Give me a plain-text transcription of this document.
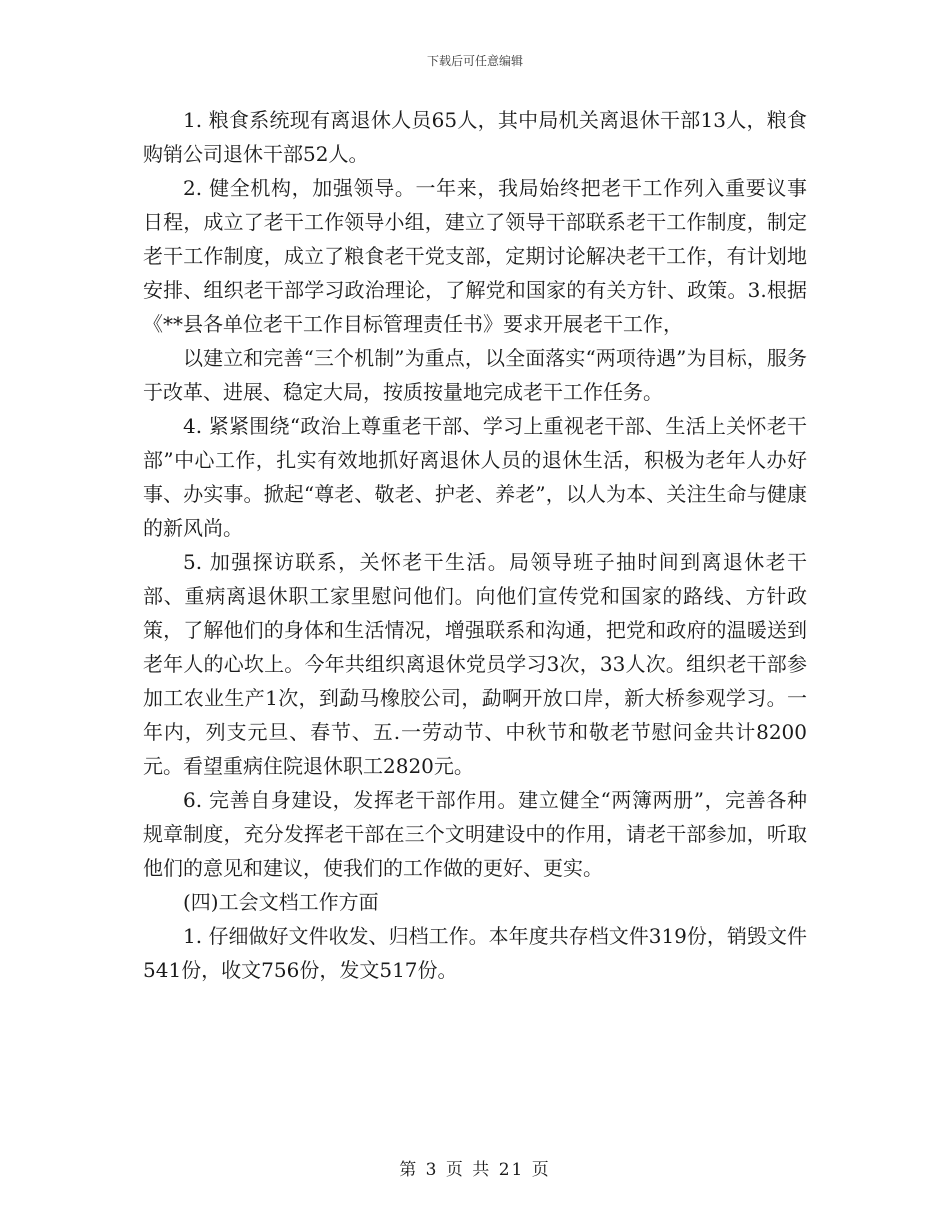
下载后可任意编辑

1. 粮食系统现有离退休人员65人，其中局机关离退休干部13人，粮食购销公司退休干部52人。

2. 健全机构，加强领导。一年来，我局始终把老干工作列入重要议事日程，成立了老干工作领导小组，建立了领导干部联系老干工作制度，制定老干工作制度，成立了粮食老干党支部，定期讨论解决老干工作，有计划地安排、组织老干部学习政治理论，了解党和国家的有关方针、政策。3.根据《**县各单位老干工作目标管理责任书》要求开展老干工作，

以建立和完善“三个机制”为重点，以全面落实“两项待遇”为目标，服务于改革、进展、稳定大局，按质按量地完成老干工作任务。

4. 紧紧围绕“政治上尊重老干部、学习上重视老干部、生活上关怀老干部”中心工作，扎实有效地抓好离退休人员的退休生活，积极为老年人办好事、办实事。掀起“尊老、敬老、护老、养老”，以人为本、关注生命与健康的新风尚。

5. 加强探访联系，关怀老干生活。局领导班子抽时间到离退休老干部、重病离退休职工家里慰问他们。向他们宣传党和国家的路线、方针政策，了解他们的身体和生活情况，增强联系和沟通，把党和政府的温暖送到老年人的心坎上。今年共组织离退休党员学习3次，33人次。组织老干部参加工农业生产1次，到勐马橡胶公司，勐啊开放口岸，新大桥参观学习。一年内，列支元旦、春节、五.一劳动节、中秋节和敬老节慰问金共计8200元。看望重病住院退休职工2820元。

6. 完善自身建设，发挥老干部作用。建立健全“两簿两册”，完善各种规章制度，充分发挥老干部在三个文明建设中的作用，请老干部参加，听取他们的意见和建议，使我们的工作做的更好、更实。

(四)工会文档工作方面

1. 仔细做好文件收发、归档工作。本年度共存档文件319份，销毁文件541份，收文756份，发文517份。

第 3 页 共 21 页
